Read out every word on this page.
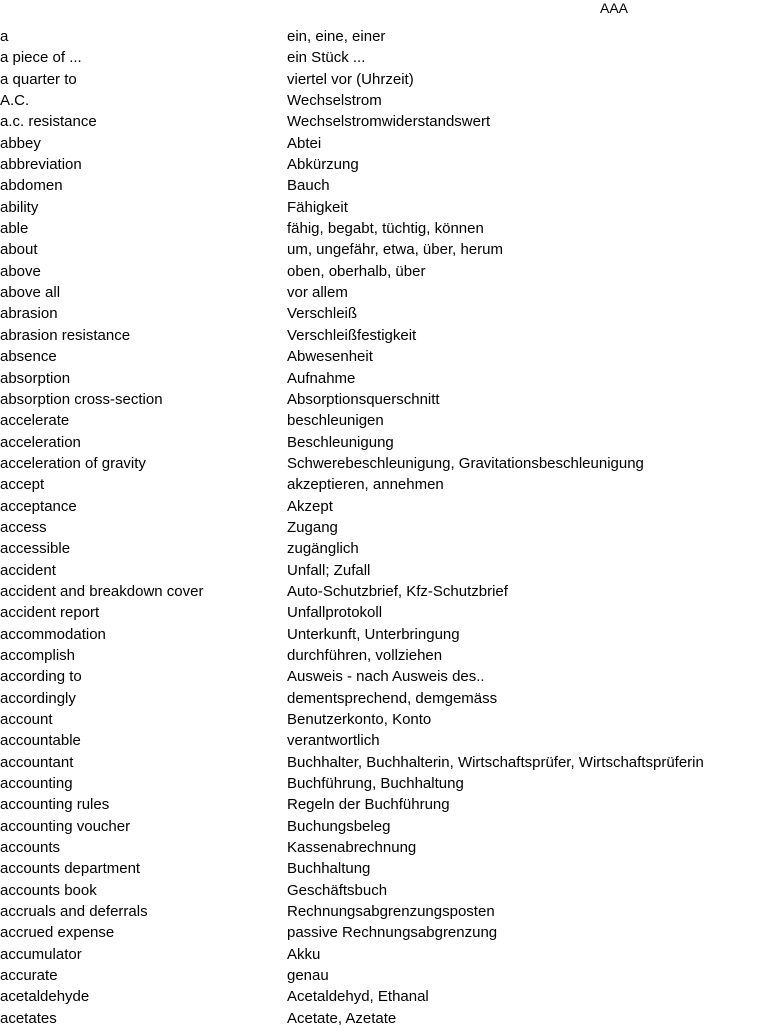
AAA
a	ein, eine, einer
a piece of ...	ein Stück ...
a quarter to	viertel vor (Uhrzeit)
A.C.	Wechselstrom
a.c. resistance	Wechselstromwiderstandswert
abbey	Abtei
abbreviation	Abkürzung
abdomen	Bauch
ability	Fähigkeit
able	fähig, begabt, tüchtig, können
about	um, ungefähr, etwa, über, herum
above	oben, oberhalb, über
above all	vor allem
abrasion	Verschleiß
abrasion resistance	Verschleißfestigkeit
absence	Abwesenheit
absorption	Aufnahme
absorption cross-section	Absorptionsquerschnitt
accelerate	beschleunigen
acceleration	Beschleunigung
acceleration of gravity	Schwerebeschleunigung, Gravitationsbeschleunigung
accept	akzeptieren, annehmen
acceptance	Akzept
access	Zugang
accessible	zugänglich
accident	Unfall; Zufall
accident and breakdown cover	Auto-Schutzbrief, Kfz-Schutzbrief
accident report	Unfallprotokoll
accommodation	Unterkunft, Unterbringung
accomplish	durchführen, vollziehen
according to	Ausweis - nach Ausweis des..
accordingly	dementsprechend, demgemäss
account	Benutzerkonto, Konto
accountable	verantwortlich
accountant	Buchhalter, Buchhalterin, Wirtschaftsprüfer, Wirtschaftsprüferin
accounting	Buchführung, Buchhaltung
accounting rules	Regeln der Buchführung
accounting voucher	Buchungsbeleg
accounts	Kassenabrechnung
accounts department	Buchhaltung
accounts book	Geschäftsbuch
accruals and deferrals	Rechnungsabgrenzungsposten
accrued expense	passive Rechnungsabgrenzung
accumulator	Akku
accurate	genau
acetaldehyde	Acetaldehyd, Ethanal
acetates	Acetate, Azetate
